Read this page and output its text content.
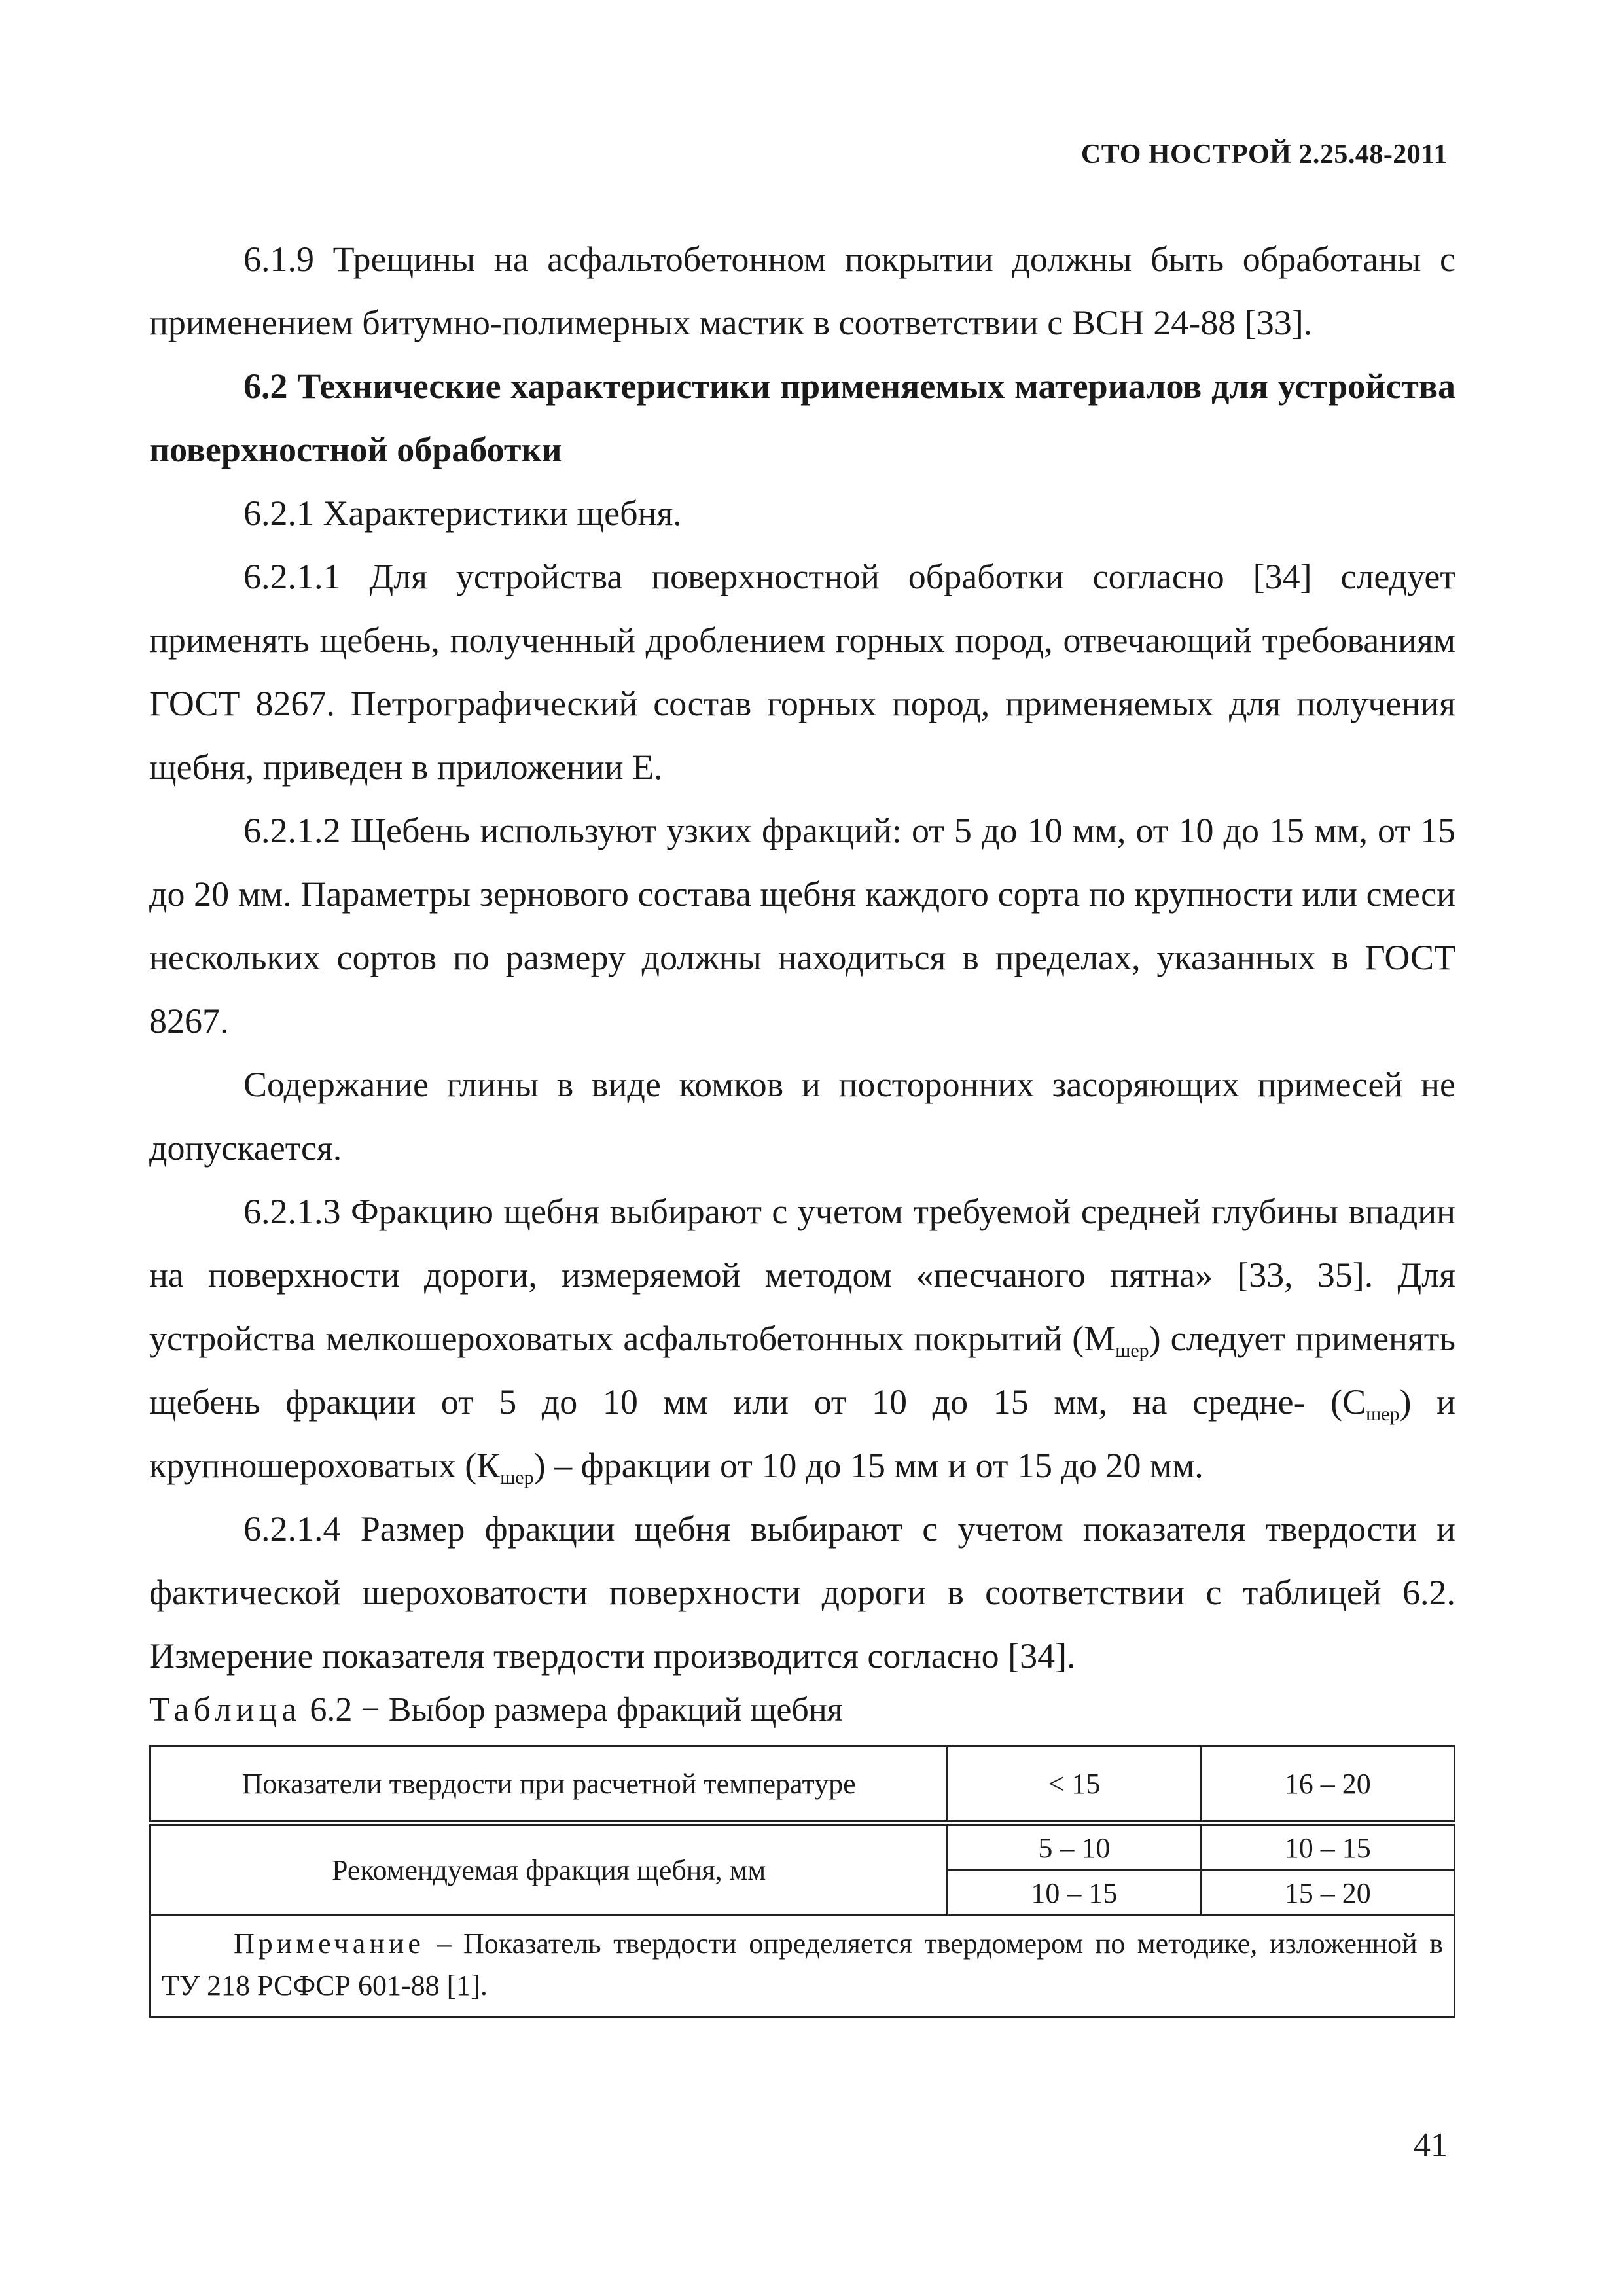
СТО НОСТРОЙ 2.25.48-2011

6.1.9 Трещины на асфальтобетонном покрытии должны быть обработаны с применением битумно-полимерных мастик в соответствии с ВСН 24-88 [33].

6.2 Технические характеристики применяемых материалов для устройства поверхностной обработки

6.2.1 Характеристики щебня.

6.2.1.1 Для устройства поверхностной обработки согласно [34] следует применять щебень, полученный дроблением горных пород, отвечающий требованиям ГОСТ 8267. Петрографический состав горных пород, применяемых для получения щебня, приведен в приложении Е.

6.2.1.2 Щебень используют узких фракций: от 5 до 10 мм, от 10 до 15 мм, от 15 до 20 мм. Параметры зернового состава щебня каждого сорта по крупности или смеси нескольких сортов по размеру должны находиться в пределах, указанных в ГОСТ 8267.

Содержание глины в виде комков и посторонних засоряющих примесей не допускается.

6.2.1.3 Фракцию щебня выбирают с учетом требуемой средней глубины впадин на поверхности дороги, измеряемой методом «песчаного пятна» [33, 35]. Для устройства мелкошероховатых асфальтобетонных покрытий $(М_{шер})$ следует применять щебень фракции от 5 до 10 мм или от 10 до 15 мм, на средне- $(С_{шер})$ и крупношероховатых $(К_{шер})$ – фракции от 10 до 15 мм и от 15 до 20 мм.

6.2.1.4 Размер фракции щебня выбирают с учетом показателя твердости и фактической шероховатости поверхности дороги в соответствии с таблицей 6.2. Измерение показателя твердости производится согласно [34].

Таблица 6.2 − Выбор размера фракций щебня
Показатели твердости при расчетной температуре	< 15	16 – 20
Рекомендуемая фракция щебня, мм	5 – 10	10 – 15
	10 – 15	15 – 20
Примечание – Показатель твердости определяется твердомером по методике, изложенной в ТУ 218 РСФСР 601-88 [1].		
41
